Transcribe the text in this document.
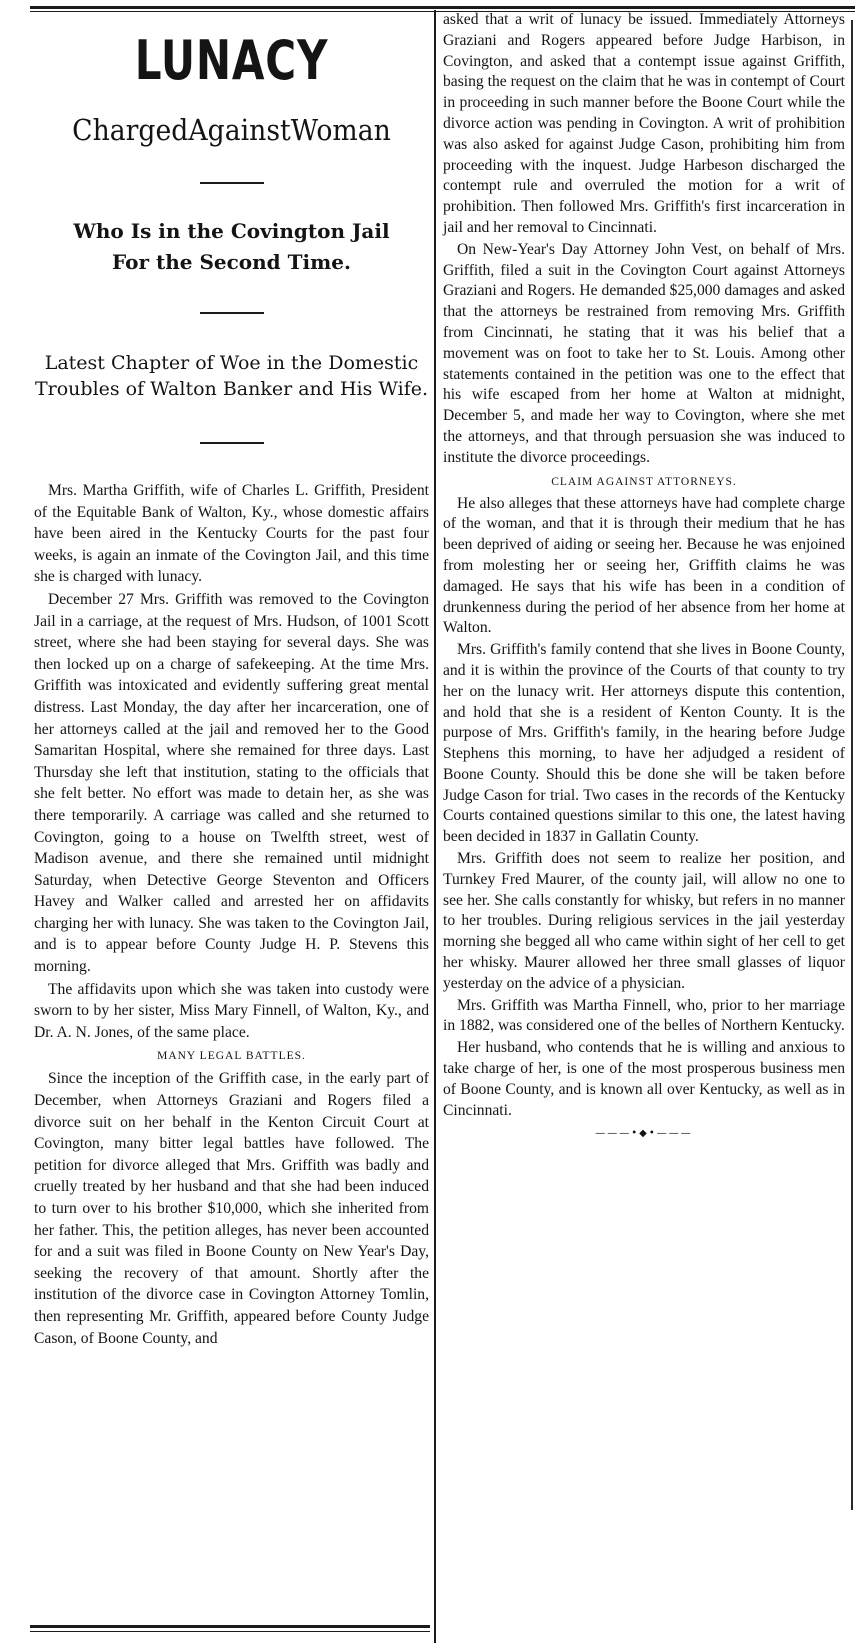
LUNACY
ChargedAgainstWoman
Who Is in the Covington Jail
For the Second Time.
Latest Chapter of Woe in the Domestic Troubles of Walton Banker and His Wife.

Mrs. Martha Griffith, wife of Charles L. Griffith, President of the Equitable Bank of Walton, Ky., whose domestic affairs have been aired in the Kentucky Courts for the past four weeks, is again an inmate of the Covington Jail, and this time she is charged with lunacy.

December 27 Mrs. Griffith was removed to the Covington Jail in a carriage, at the request of Mrs. Hudson, of 1001 Scott street, where she had been staying for several days. She was then locked up on a charge of safekeeping. At the time Mrs. Griffith was intoxicated and evidently suffering great mental distress. Last Monday, the day after her incarceration, one of her attorneys called at the jail and removed her to the Good Samaritan Hospital, where she remained for three days. Last Thursday she left that institution, stating to the officials that she felt better. No effort was made to detain her, as she was there temporarily. A carriage was called and she returned to Covington, going to a house on Twelfth street, west of Madison avenue, and there she remained until midnight Saturday, when Detective George Steventon and Officers Havey and Walker called and arrested her on affidavits charging her with lunacy. She was taken to the Covington Jail, and is to appear before County Judge H. P. Stevens this morning.

The affidavits upon which she was taken into custody were sworn to by her sister, Miss Mary Finnell, of Walton, Ky., and Dr. A. N. Jones, of the same place.

MANY LEGAL BATTLES.

Since the inception of the Griffith case, in the early part of December, when Attorneys Graziani and Rogers filed a divorce suit on her behalf in the Kenton Circuit Court at Covington, many bitter legal battles have followed. The petition for divorce alleged that Mrs. Griffith was badly and cruelly treated by her husband and that she had been induced to turn over to his brother $10,000, which she inherited from her father. This, the petition alleges, has never been accounted for and a suit was filed in Boone County on New Year's Day, seeking the recovery of that amount. Shortly after the institution of the divorce case in Covington Attorney Tomlin, then representing Mr. Griffith, appeared before County Judge Cason, of Boone County, and

asked that a writ of lunacy be issued. Immediately Attorneys Graziani and Rogers appeared before Judge Harbison, in Covington, and asked that a contempt issue against Griffith, basing the request on the claim that he was in contempt of Court in proceeding in such manner before the Boone Court while the divorce action was pending in Covington. A writ of prohibition was also asked for against Judge Cason, prohibiting him from proceeding with the inquest. Judge Harbeson discharged the contempt rule and overruled the motion for a writ of prohibition. Then followed Mrs. Griffith's first incarceration in jail and her removal to Cincinnati.

On New-Year's Day Attorney John Vest, on behalf of Mrs. Griffith, filed a suit in the Covington Court against Attorneys Graziani and Rogers. He demanded $25,000 damages and asked that the attorneys be restrained from removing Mrs. Griffith from Cincinnati, he stating that it was his belief that a movement was on foot to take her to St. Louis. Among other statements contained in the petition was one to the effect that his wife escaped from her home at Walton at midnight, December 5, and made her way to Covington, where she met the attorneys, and that through persuasion she was induced to institute the divorce proceedings.

CLAIM AGAINST ATTORNEYS.

He also alleges that these attorneys have had complete charge of the woman, and that it is through their medium that he has been deprived of aiding or seeing her. Because he was enjoined from molesting her or seeing her, Griffith claims he was damaged. He says that his wife has been in a condition of drunkenness during the period of her absence from her home at Walton.

Mrs. Griffith's family contend that she lives in Boone County, and it is within the province of the Courts of that county to try her on the lunacy writ. Her attorneys dispute this contention, and hold that she is a resident of Kenton County. It is the purpose of Mrs. Griffith's family, in the hearing before Judge Stephens this morning, to have her adjudged a resident of Boone County. Should this be done she will be taken before Judge Cason for trial. Two cases in the records of the Kentucky Courts contained questions similar to this one, the latest having been decided in 1837 in Gallatin County.

Mrs. Griffith does not seem to realize her position, and Turnkey Fred Maurer, of the county jail, will allow no one to see her. She calls constantly for whisky, but refers in no manner to her troubles. During religious services in the jail yesterday morning she begged all who came within sight of her cell to get her whisky. Maurer allowed her three small glasses of liquor yesterday on the advice of a physician.

Mrs. Griffith was Martha Finnell, who, prior to her marriage in 1882, was considered one of the belles of Northern Kentucky.

Her husband, who contends that he is willing and anxious to take charge of her, is one of the most prosperous business men of Boone County, and is known all over Kentucky, as well as in Cincinnati.

———•◆•———
